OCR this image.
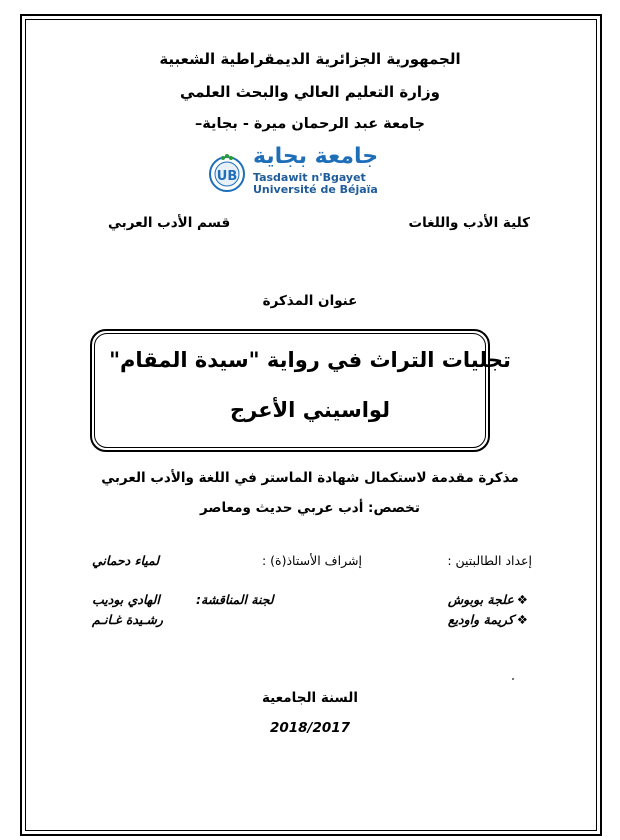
الجمهورية الجزائرية الديمقراطية الشعبية
وزارة التعليم العالي والبحث العلمي
جامعة عبد الرحمان ميرة - بجاية–
UB
جامعة بجاية
Tasdawit n'Bgayet
Université de Béjaïa
كلية الأدب واللغات
قسم الأدب العربي
عنوان المذكرة
تجليات التراث في رواية "سيدة المقام"
لواسيني الأعرج
مذكرة مقدمة لاستكمال شهادة الماستر في اللغة والأدب العربي
تخصص: أدب عربي حديث ومعاصر
إعداد الطالبتين :
إشراف الأستاذ(ة) :
لمياء دحماني
❖علجة بوبوش
❖كريمة واوديع
لجنة المناقشة:
الهادي بوديب
رشـيدة غـانـم
السنة الجامعية
2018/2017
